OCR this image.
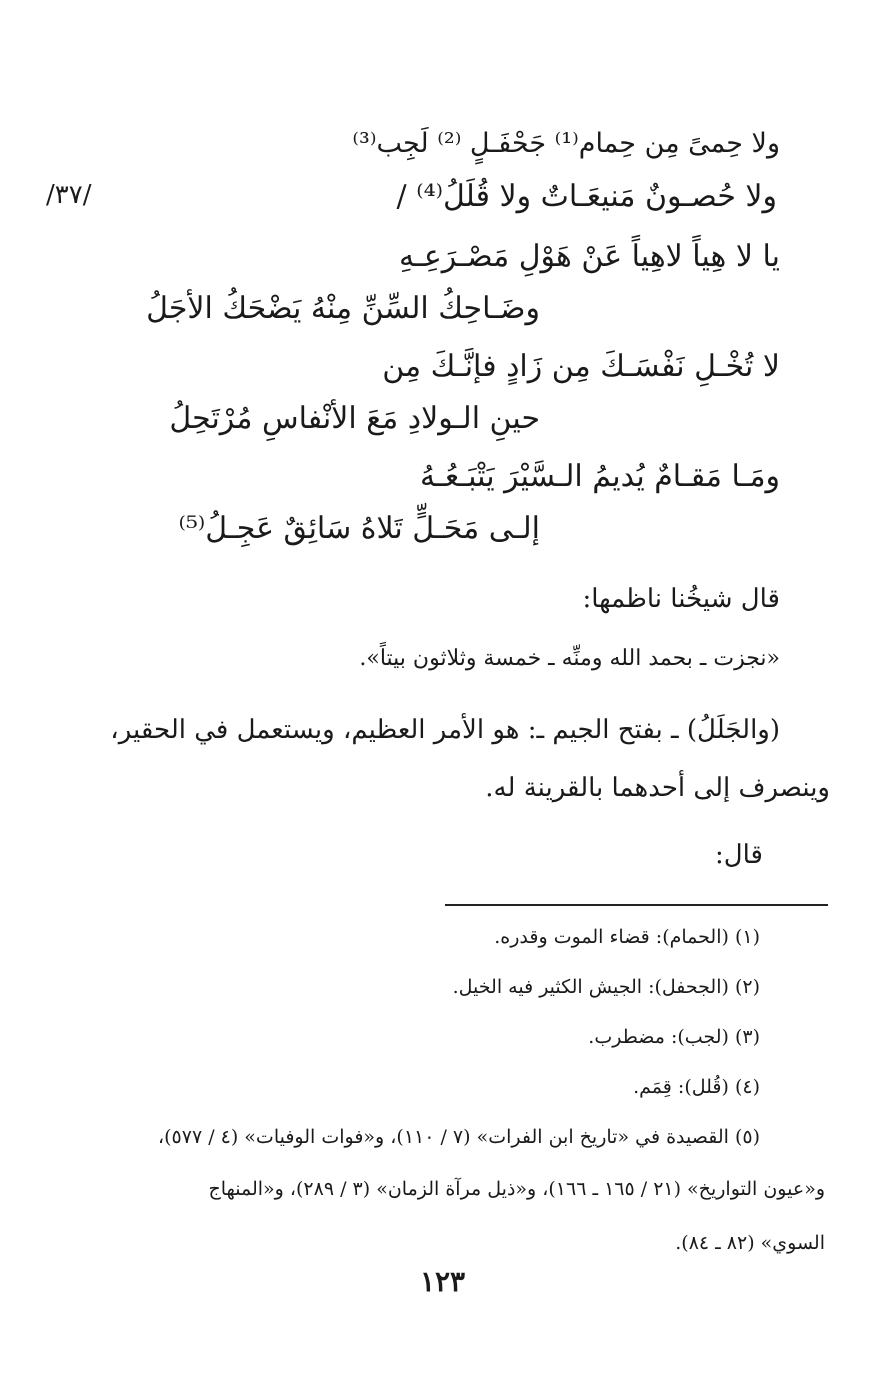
/٣٧/
ولا حِمىً مِن حِمام⁽¹⁾ جَحْفَـلٍ ⁽²⁾ لَجِب⁽³⁾
ولا حُصـونٌ مَنيعَـاتٌ ولا قُلَلُ⁽⁴⁾ /
يا لا هِياً لاهِياً عَنْ هَوْلِ مَصْـرَعِـهِ
وضَـاحِكُ السِّنِّ مِنْهُ يَضْحَكُ الأجَلُ
لا تُخْـلِ نَفْسَـكَ مِن زَادٍ فإنَّـكَ مِن
حينِ الـولادِ مَعَ الأنْفاسِ مُرْتَحِلُ
ومَـا مَقـامٌ يُديمُ الـسَّيْرَ يَتْبَـعُـهُ
إلـى مَحَـلٍّ تَلاهُ سَائِقٌ عَجِـلُ⁽⁵⁾
قال شيخُنا ناظمها:
«نجزت ـ بحمد الله ومنِّه ـ خمسة وثلاثون بيتاً».
(والجَلَلُ) ـ بفتح الجيم ـ: هو الأمر العظيم، ويستعمل في الحقير،
وينصرف إلى أحدهما بالقرينة له.
قال:
(١) (الحمام): قضاء الموت وقدره.
(٢) (الجحفل): الجيش الكثير فيه الخيل.
(٣) (لجب): مضطرب.
(٤) (قُلل): قِمَم.
(٥) القصيدة في «تاريخ ابن الفرات» (٧ / ١١٠)، و«فوات الوفيات» (٤ / ٥٧٧)،
و«عيون التواريخ» (٢١ / ١٦٥ ـ ١٦٦)، و«ذيل مرآة الزمان» (٣ / ٢٨٩)، و«المنهاج
السوي» (٨٢ ـ ٨٤).
١٢٣
